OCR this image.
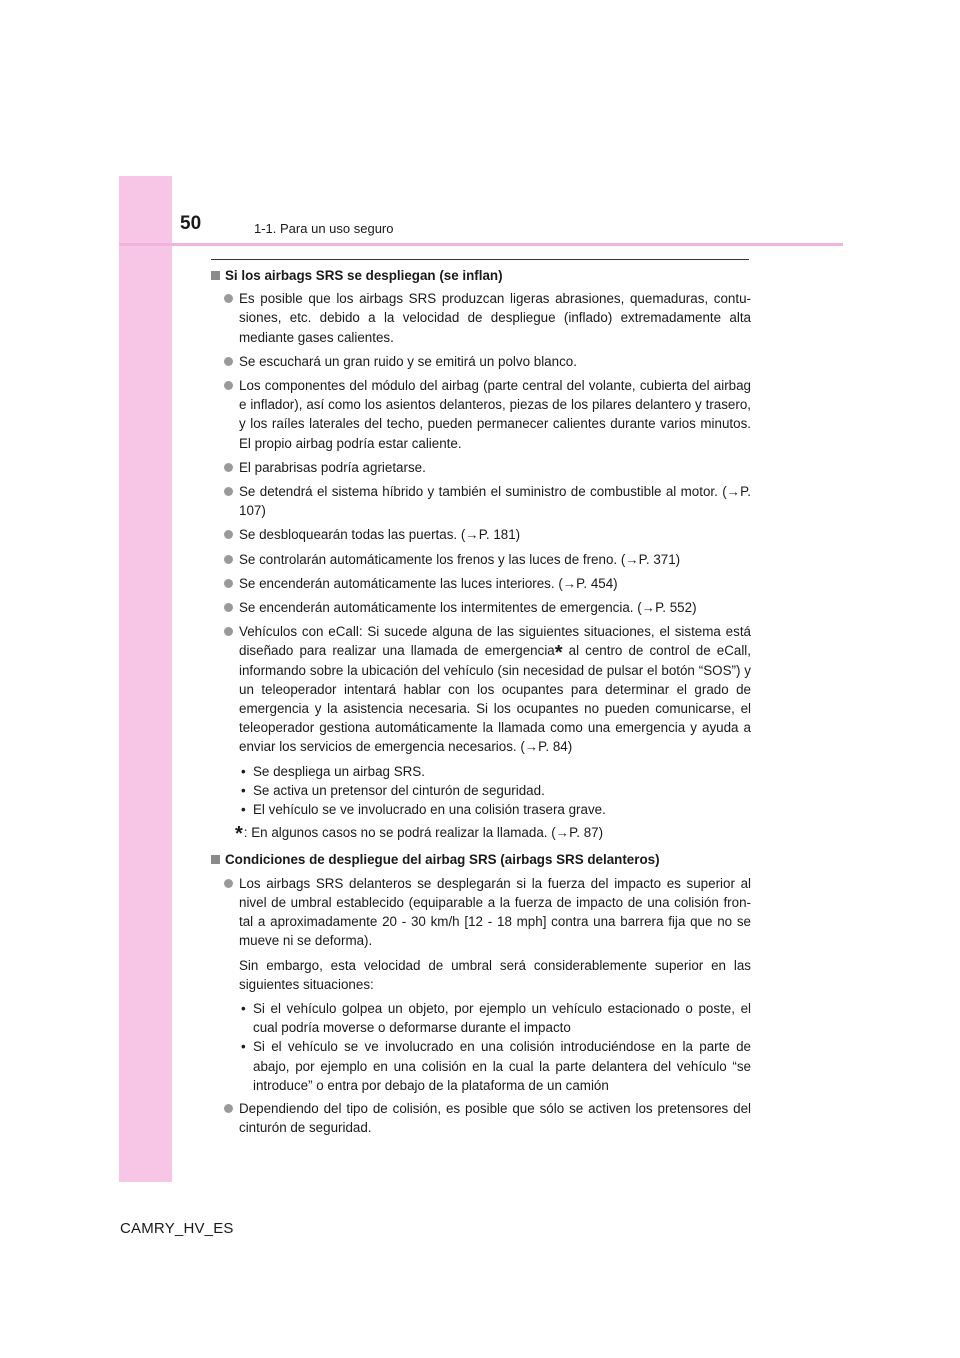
50	1-1. Para un uso seguro
Si los airbags SRS se despliegan (se inflan)
Es posible que los airbags SRS produzcan ligeras abrasiones, quemaduras, contu-siones, etc. debido a la velocidad de despliegue (inflado) extremadamente alta mediante gases calientes.
Se escuchará un gran ruido y se emitirá un polvo blanco.
Los componentes del módulo del airbag (parte central del volante, cubierta del airbag e inflador), así como los asientos delanteros, piezas de los pilares delantero y trasero, y los raíles laterales del techo, pueden permanecer calientes durante varios minutos. El propio airbag podría estar caliente.
El parabrisas podría agrietarse.
Se detendrá el sistema híbrido y también el suministro de combustible al motor. (→P. 107)
Se desbloquearán todas las puertas. (→P. 181)
Se controlarán automáticamente los frenos y las luces de freno. (→P. 371)
Se encenderán automáticamente las luces interiores. (→P. 454)
Se encenderán automáticamente los intermitentes de emergencia. (→P. 552)
Vehículos con eCall: Si sucede alguna de las siguientes situaciones, el sistema está diseñado para realizar una llamada de emergencia* al centro de control de eCall, informando sobre la ubicación del vehículo (sin necesidad de pulsar el botón “SOS”) y un teleoperador intentará hablar con los ocupantes para determinar el grado de emergencia y la asistencia necesaria. Si los ocupantes no pueden comunicarse, el teleoperador gestiona automáticamente la llamada como una emergencia y ayuda a enviar los servicios de emergencia necesarios. (→P. 84)
• Se despliega un airbag SRS.
• Se activa un pretensor del cinturón de seguridad.
• El vehículo se ve involucrado en una colisión trasera grave.
*: En algunos casos no se podrá realizar la llamada. (→P. 87)
Condiciones de despliegue del airbag SRS (airbags SRS delanteros)
Los airbags SRS delanteros se desplegarán si la fuerza del impacto es superior al nivel de umbral establecido (equiparable a la fuerza de impacto de una colisión fron-tal a aproximadamente 20 - 30 km/h [12 - 18 mph] contra una barrera fija que no se mueve ni se deforma).
Sin embargo, esta velocidad de umbral será considerablemente superior en las siguientes situaciones:
• Si el vehículo golpea un objeto, por ejemplo un vehículo estacionado o poste, el cual podría moverse o deformarse durante el impacto
• Si el vehículo se ve involucrado en una colisión introduciéndose en la parte de abajo, por ejemplo en una colisión en la cual la parte delantera del vehículo “se introduce” o entra por debajo de la plataforma de un camión
Dependiendo del tipo de colisión, es posible que sólo se activen los pretensores del cinturón de seguridad.
CAMRY_HV_ES
